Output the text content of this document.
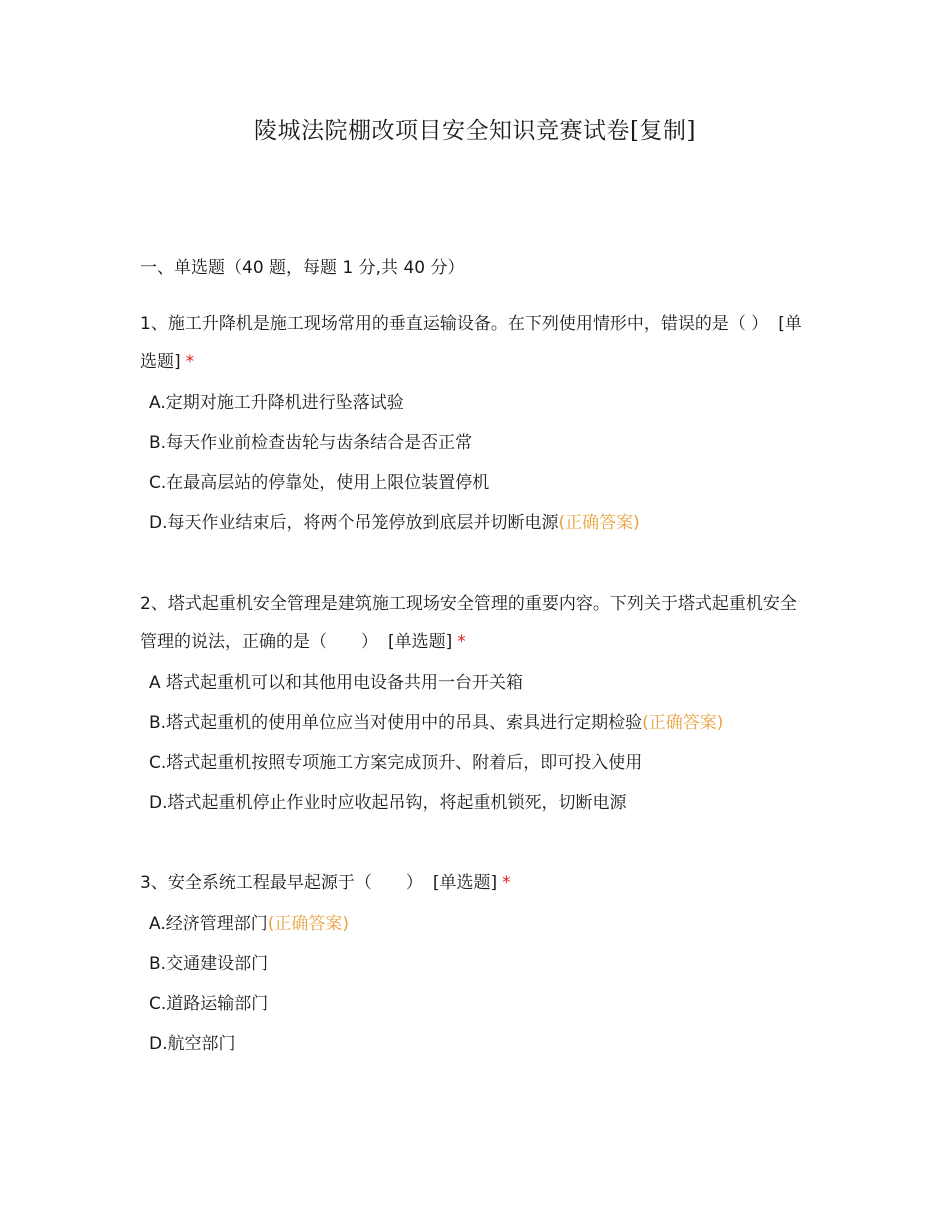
陵城法院棚改项目安全知识竞赛试卷[复制]
一、单选题（40 题，每题 1 分,共 40 分）

1、施工升降机是施工现场常用的垂直运输设备。在下列使用情形中，错误的是（ ） [单选题] *

A.定期对施工升降机进行坠落试验
B.每天作业前检查齿轮与齿条结合是否正常
C.在最高层站的停靠处，使用上限位装置停机
D.每天作业结束后，将两个吊笼停放到底层并切断电源(正确答案)

2、塔式起重机安全管理是建筑施工现场安全管理的重要内容。下列关于塔式起重机安全管理的说法，正确的是（　　） [单选题] *

A 塔式起重机可以和其他用电设备共用一台开关箱
B.塔式起重机的使用单位应当对使用中的吊具、索具进行定期检验(正确答案)
C.塔式起重机按照专项施工方案完成顶升、附着后，即可投入使用
D.塔式起重机停止作业时应收起吊钩，将起重机锁死，切断电源

3、安全系统工程最早起源于（　　） [单选题] *

A.经济管理部门(正确答案)
B.交通建设部门
C.道路运输部门
D.航空部门
